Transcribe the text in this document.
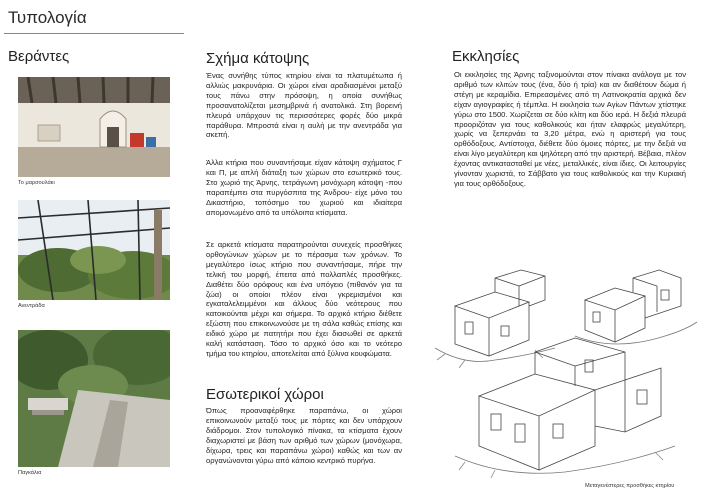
Τυπολογία
Βεράντες
Το μαρσουλάκι
Ανεντράδα
Παγκάλια
Σχήμα κάτοψης

Ένας συνήθης τύπος κτηρίου είναι τα πλατυμέτωπα ή αλλιώς μακρυνάρια. Οι χώροι είναι αραδιασμένοι μεταξύ τους πάνω στην πρόσοψη, η οποία συνήθως προσανατολίζεται μεσημβρινά ή ανατολικά. Στη βορεινή πλευρά υπάρχουν τις περισσότερες φορές δύο μικρά παράθυρα. Μπροστά είναι η αυλή με την ανεντράδα για σκεπή.

Άλλα κτήρια που συναντήσαμε είχαν κάτοψη σχήματος Γ και Π, με απλή διάταξη των χώρων στο εσωτερικό τους. Στο χωριό της Άρνης, τετράγωνη μονόχωρη κάτοψη -που παραπέμπει στα πυργόσπιτα της Άνδρου- είχε μόνο του Δικαστήριο, τοπόσημο του χωριού και ιδιαίτερα απομονωμένο από τα υπόλοιπα κτίσματα.

Σε αρκετά κτίσματα παρατηρούνται συνεχείς προσθήκες ορθογώνιων χώρων με το πέρασμα των χρόνων. Το μεγαλύτερο ίσως κτήριο που συναντήσαμε, πήρε την τελική του μορφή, έπειτα από πολλαπλές προσθήκες. Διαθέτει δύο ορόφους και ένα υπόγειο (πιθανόν για τα ζώα) οι οποίοι πλέον είναι γκρεμισμένοι και εγκαταλελειμμένοι και άλλους δύο νεότερους που κατοικούνται μέχρι και σήμερα. Το αρχικό κτήριο διέθετε εξώστη που επικοινωνούσε με τη σάλα καθώς επίσης και ειδικό χώρο με πατητήρι που έχει διασωθεί σε αρκετά καλή κατάσταση. Τόσο το αρχικό όσο και το νεότερο τμήμα του κτηρίου, αποτελείται από ξύλινα κουφώματα.

Εσωτερικοί χώροι

Όπως προαναφέρθηκε παραπάνω, οι χώροι επικοινωνούν μεταξύ τους με πόρτες και δεν υπάρχουν διάδρομοι. Στον τυπολογικό πίνακα, τα κτίσματα έχουν διαχωριστεί με βάση των αριθμό των χώρων (μονόχωρα, δίχωρα, τρεις και παραπάνω χώροι) καθώς και των αν οργανώνονται γύρω από κάποιο κεντρικό πυρήνα.

Εκκλησίες

Οι εκκλησίες της Άρνης ταξινομούνται στον πίνακα ανάλογα με τον αριθμό των κλιτών τους (ένα, δύο ή τρία) και αν διαθέτουν δώμα ή στέγη με κεραμίδια. Επιρεασμένες από τη Λατινοκρατία αρχικά δεν είχαν αγιογραφίες ή τέμπλα. Η εκκλησία των Αγίων Πάντων χτίστηκε γύρω στο 1500. Χωρίζεται σε δύο κλίτη και δύο ιερά. Η δεξιά πλευρά προοριζόταν για τους καθολικούς και ήταν ελαφρώς μεγαλύτερη, χωρίς να ξεπερνάει τα 3,20 μέτρα, ενώ η αριστερή για τους ορθόδοξους. Αντίστοιχα, διέθετε δύο όμοιες πόρτες, με την δεξιά να είναι λίγο μεγαλύτερη και ψηλότερη από την αριστερή. Βέβαια, πλέον έχοντας αντικατασταθεί με νέες, μεταλλικές, είναι ίδιες. Οι λειτουργίες γίνονταν χωριστά, το Σάββατο για τους καθολικούς και την Κυριακή για τους ορθόδοξους.

Μεταγενέστερες προσθήκες κτηρίου
